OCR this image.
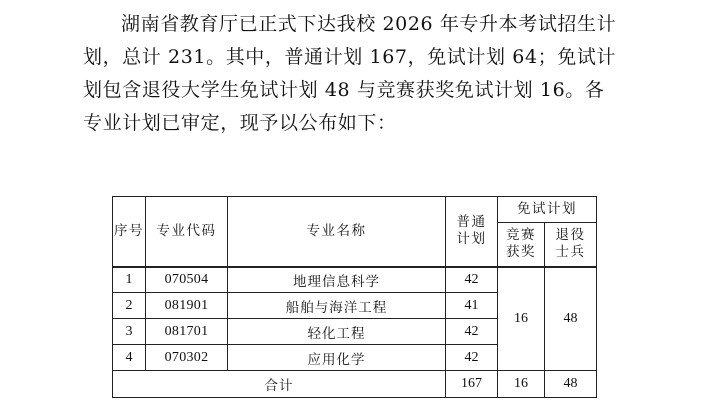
湖南省教育厅已正式下达我校 2026 年专升本考试招生计
划，总计 231。其中，普通计划 167，免试计划 64；免试计
划包含退役大学生免试计划 48 与竞赛获奖免试计划 16。各
专业计划已审定，现予以公布如下：

序号	专业代码	专业名称	普通计划	免试计划	
				竞赛获奖	退役士兵
1	070504	地理信息科学	42	16	48
2	081901	船舶与海洋工程	41		
3	081701	轻化工程	42		
4	070302	应用化学	42		
合计			167	16	48
